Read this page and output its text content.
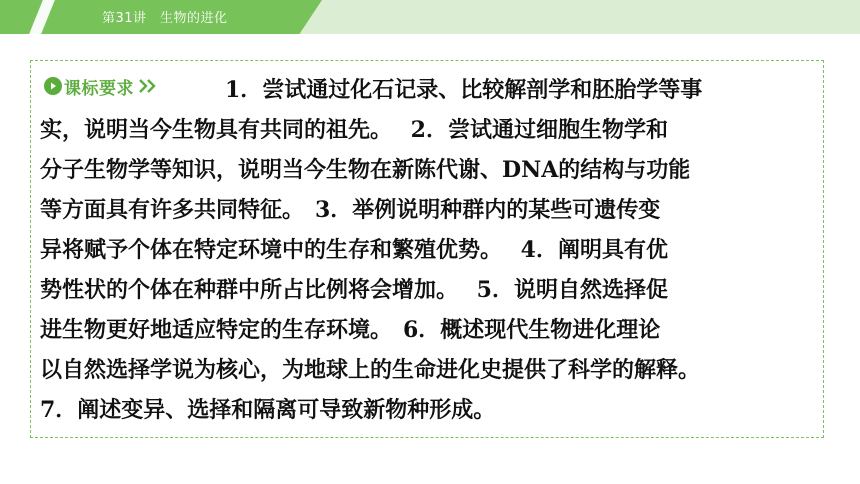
第31讲　生物的进化
课标要求	1．尝试通过化石记录、比较解剖学和胚胎学等事
实，说明当今生物具有共同的祖先。　 2．尝试通过细胞生物学和
分子生物学等知识，说明当今生物在新陈代谢、DNA的结构与功能
等方面具有许多共同特征。　3．举例说明种群内的某些可遗传变
异将赋予个体在特定环境中的生存和繁殖优势。　 4．阐明具有优
势性状的个体在种群中所占比例将会增加。　 5．说明自然选择促
进生物更好地适应特定的生存环境。　6．概述现代生物进化理论
以自然选择学说为核心，为地球上的生命进化史提供了科学的解释。
7．阐述变异、选择和隔离可导致新物种形成。
